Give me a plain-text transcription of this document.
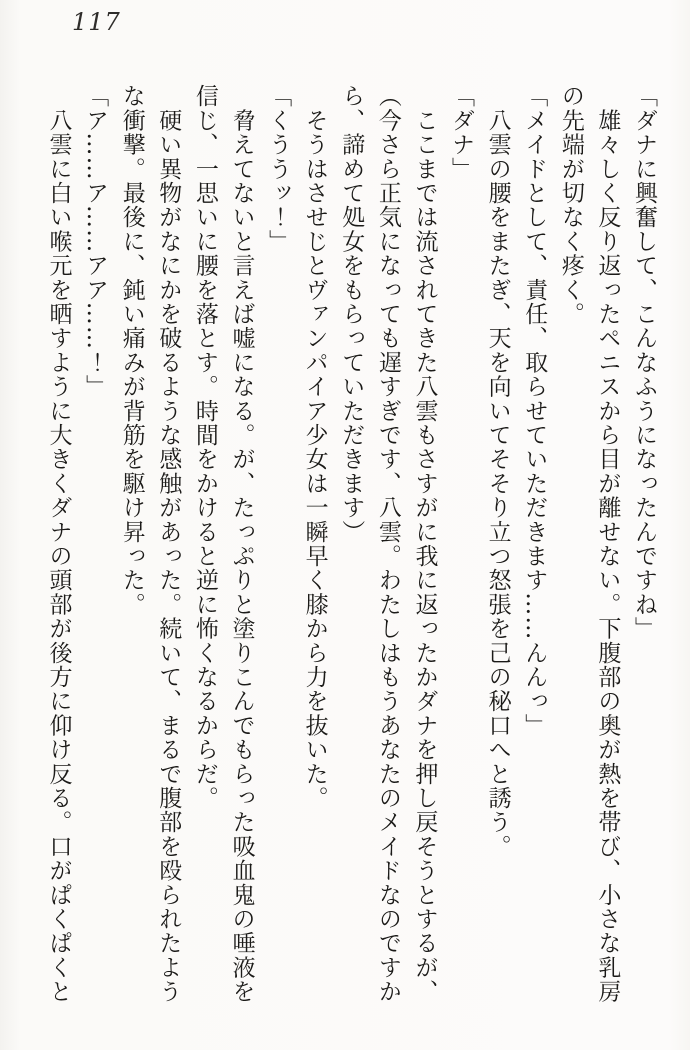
117

「ダナに興奮して、こんなふうになったんですね」

　雄々しく反り返ったペニスから目が離せない。下腹部の奥が熱を帯び、小さな乳房

の先端が切なく疼く。

「メイドとして、責任、取らせていただきます……んんっ」

　八雲の腰をまたぎ、天を向いてそそり立つ怒張を己の秘口へと誘う。

「ダナ」

　ここまでは流されてきた八雲もさすがに我に返ったかダナを押し戻そうとするが、

（今さら正気になっても遅すぎです、八雲。わたしはもうあなたのメイドなのですか

ら、諦めて処女をもらっていただきます）

　そうはさせじとヴァンパイア少女は一瞬早く膝から力を抜いた。

「くううッ！」

　脅えてないと言えば嘘になる。が、たっぷりと塗りこんでもらった吸血鬼の唾液を

信じ、一思いに腰を落とす。時間をかけると逆に怖くなるからだ。

　硬い異物がなにかを破るような感触があった。続いて、まるで腹部を殴られたよう

な衝撃。最後に、鈍い痛みが背筋を駆け昇った。

「ア……ア……アア……！」

　八雲に白い喉元を晒すように大きくダナの頭部が後方に仰け反る。口がぱくぱくと
